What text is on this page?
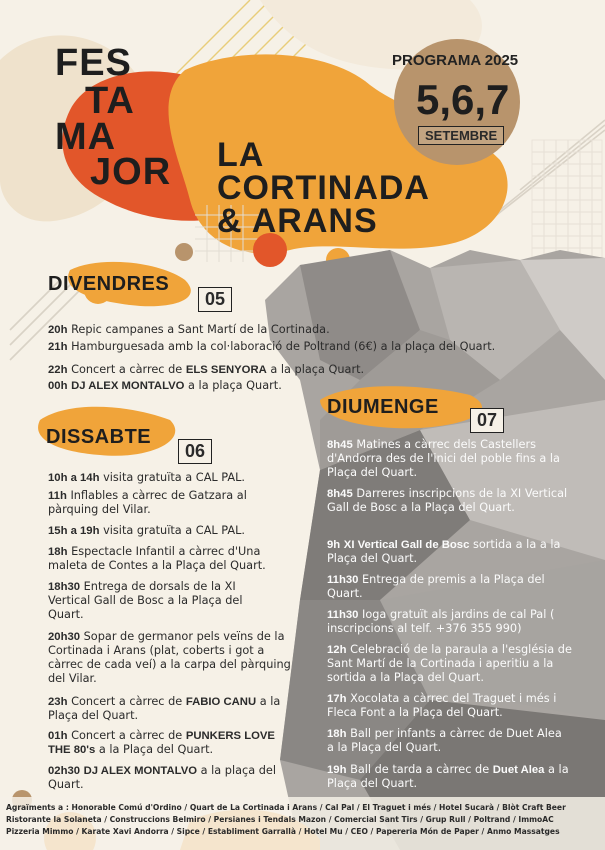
FES
TA
MA
JOR LA
CORTINADA
& ARANS
PROGRAMA 2025
5,6,7
SETEMBRE
DIVENDRES
05
20h Repic campanes a Sant Martí de la Cortinada.
21h Hamburguesada amb la col·laboració de Poltrand (6€) a la plaça del Quart.
22h Concert a càrrec de ELS SENYORA a la plaça Quart.
00h DJ ALEX MONTALVO a la plaça Quart.
DISSABTE
06
10h a 14h visita gratuïta a CAL PAL.
11h Inflables a càrrec de Gatzara al pàrquing del Vilar.
15h a 19h visita gratuïta a CAL PAL.
18h Espectacle Infantil a càrrec d'Una maleta de Contes a la Plaça del Quart.
18h30 Entrega de dorsals de la XI Vertical Gall de Bosc a la Plaça del Quart.
20h30 Sopar de germanor pels veïns de la Cortinada i Arans (plat, coberts i got a càrrec de cada veí) a la carpa del pàrquing del Vilar.
23h Concert a càrrec de FABIO CANU a la Plaça del Quart.
01h Concert a càrrec de PUNKERS LOVE THE 80's a la Plaça del Quart.
02h30 DJ ALEX MONTALVO a la plaça del Quart.
DIUMENGE
07
8h45 Matines a càrrec dels Castellers d'Andorra des de l'inici del poble fins a la Plaça del Quart.
8h45 Darreres inscripcions de la XI Vertical Gall de Bosc a la Plaça del Quart.
9h XI Vertical Gall de Bosc sortida a la a la Plaça del Quart.
11h30 Entrega de premis a la Plaça del Quart.
11h30 Ioga gratuït als jardins de cal Pal ( inscripcions al telf. +376 355 990)
12h Celebració de la paraula a l'església de Sant Martí de la Cortinada i aperitiu a la sortida a la Plaça del Quart.
17h Xocolata a càrrec del Traguet i més i Fleca Font a la Plaça del Quart.
18h Ball per infants a càrrec de Duet Alea a la Plaça del Quart.
19h Ball de tarda a càrrec de Duet Alea a la Plaça del Quart.
Agraïments a : Honorable Comú d'Ordino / Quart de La Cortinada i Arans / Cal Pal / El Traguet i més / Hotel Sucarà / Blòt Craft Beer
Ristorante la Solaneta / Construccions Belmiro / Persianes i Tendals Mazon / Comercial Sant Tirs / Grup Rull / Poltrand / ImmoAC
Pizzeria Mimmo / Karate Xavi Andorra / Sipce / Establiment Garrallà / Hotel Mu / CEO / Papereria Món de Paper / Anmo Massatges
